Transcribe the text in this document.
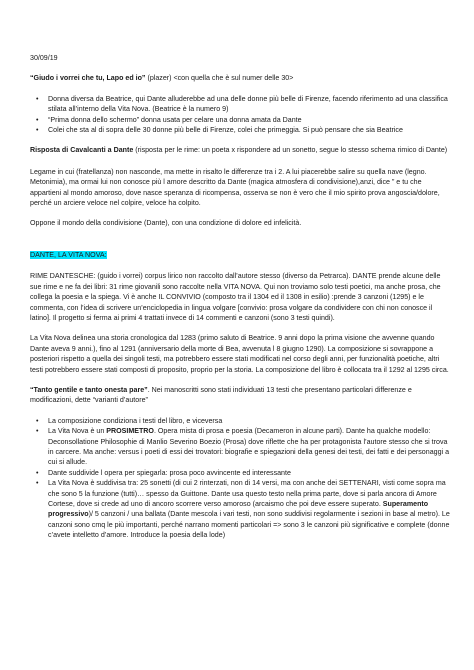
30/09/19

“Giudo i vorrei che tu, Lapo ed io” (plazer) <con quella che è sul numer delle 30>

• Donna diversa da Beatrice, qui Dante alluderebbe ad una delle donne più belle di Firenze, facendo riferimento ad una classifica stilata all’interno della Vita Nova. (Beatrice è la numero 9)
• “Prima donna dello schermo” donna usata per celare una donna amata da Dante
• Colei che sta al di sopra delle 30 donne più belle di Firenze, colei che primeggia. Si può pensare che sia Beatrice

Risposta di Cavalcanti a Dante (risposta per le rime: un poeta x rispondere ad un sonetto, segue lo stesso schema rimico di Dante)

Legame in cui (fratellanza) non nasconde, ma mette in risalto le differenze tra i 2. A lui piacerebbe salire su quella nave (legno. Metonimia), ma ormai lui non conosce più l amore descritto da Dante (magica atmosfera di condivisione),anzi, dice ” e tu che appartieni al mondo amoroso, dove nasce speranza di ricompensa, osserva se non è vero che il mio spirito prova angoscia/dolore, perché un arciere veloce nel colpire, veloce ha colpito.

Oppone il mondo della condivisione (Dante), con una condizione di dolore ed infelicità.

DANTE, LA VITA NOVA:

RIME DANTESCHE: (guido i vorrei) corpus lirico non raccolto dall’autore stesso (diverso da Petrarca). DANTE prende alcune delle sue rime e ne fa dei libri: 31 rime giovanili sono raccolte nella VITA NOVA. Qui non troviamo solo testi poetici, ma anche prosa, che collega la poesia e la spiega. Vi è anche IL CONVIVIO (composto tra il 1304 ed il 1308 in esilio) :prende 3 canzoni (1295) e le commenta, con l’idea di scrivere un’enciclopedia in lingua volgare [convivio: prosa volgare da condividere con chi non conosce il latino]. Il progetto si ferma ai primi 4 trattati invece di 14 commenti e canzoni (sono 3 testi quindi).

La Vita Nova delinea una storia cronologica dal 1283 (primo saluto di Beatrice. 9 anni dopo la prima visione che avvenne quando Dante aveva 9 anni.), fino al 1291 (anniversario della morte di Bea, avvenuta l 8 giugno 1290). La composizione si sovrappone a posteriori rispetto a quella dei singoli testi, ma potrebbero essere stati modificati nel corso degli anni, per funzionalità poetiche, altri testi potrebbero essere stati composti di proposito, proprio per la storia. La composizione del libro è collocata tra il 1292 al 1295 circa.

“Tanto gentile e tanto onesta pare”. Nei manoscritti sono stati individuati 13 testi che presentano particolari differenze e modificazioni, dette “varianti d’autore”

• La composizione condiziona i testi del libro, e viceversa
• La Vita Nova è un PROSIMETRO. Opera mista di prosa e poesia (Decameron in alcune parti). Dante ha qualche modello: Deconsollatione Philosophie di Manlio Severino Boezio (Prosa) dove riflette che ha per protagonista l’autore stesso che si trova in carcere. Ma anche: versus i poeti di essi dei trovatori: biografie e spiegazioni della genesi dei testi, dei fatti e dei personaggi a cui si allude.
• Dante suddivide l opera per spiegarla: prosa poco avvincente ed interessante
• La Vita Nova è suddivisa tra: 25 sonetti (di cui 2 rinterzati, non di 14 versi, ma con anche dei SETTENARI, visti come sopra ma che sono 5 la funzione (tutti)… spesso da Guittone. Dante usa questo testo nella prima parte, dove si parla ancora di Amore Cortese, dove si crede ad uno di ancoro scorrere verso amoroso (arcaismo che poi deve essere superato. Superamento progressivo)/ 5 canzoni / una ballata (Dante mescola i vari testi, non sono suddivisi regolarmente i sezioni in base al metro). Le canzoni sono cmq le più importanti, perché narrano momenti particolari => sono 3 le canzoni più significative e complete (donne c’avete intelletto d’amore. Introduce la poesia della lode)
